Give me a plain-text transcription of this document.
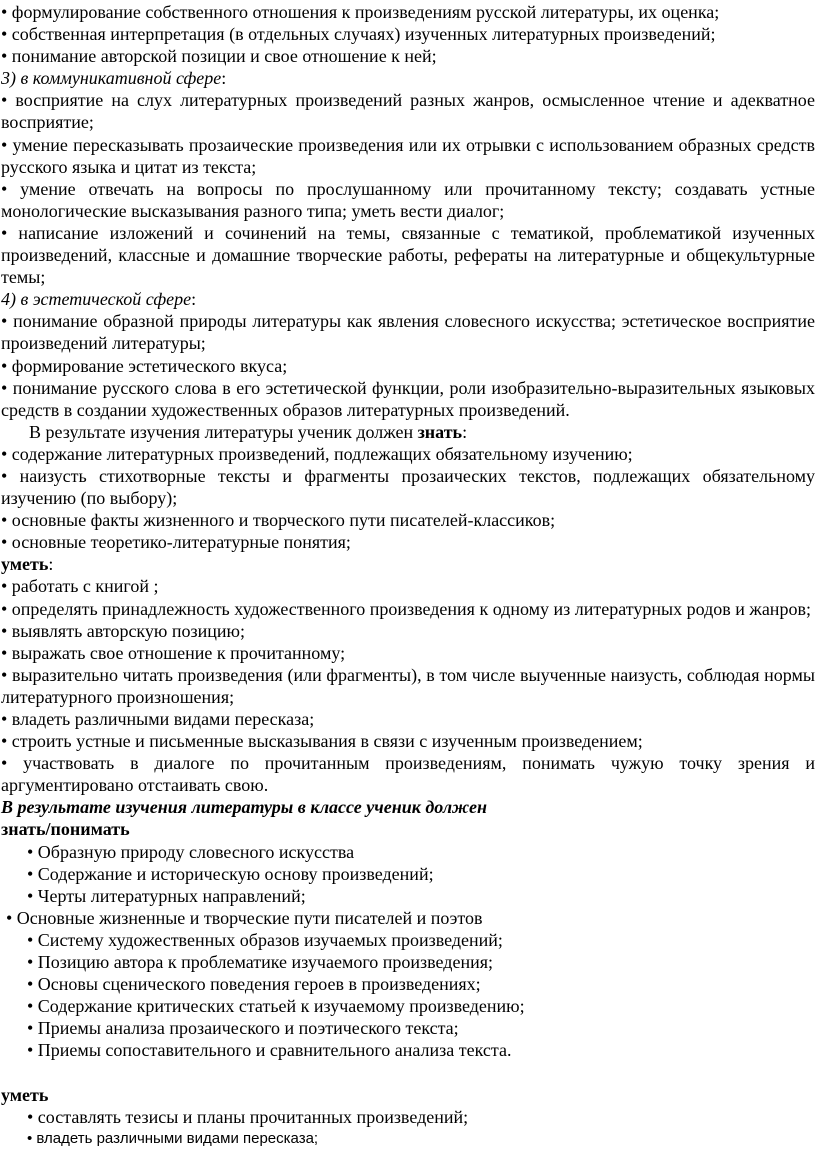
• формулирование собственного отношения к произведениям русской литературы, их оценка;

• собственная интерпретация (в отдельных случаях) изученных литературных произведений;

• понимание авторской позиции и свое отношение к ней;

3) в коммуникативной сфере:

• восприятие на слух литературных произведений разных жанров, осмысленное чтение и адекватное восприятие;

• умение пересказывать прозаические произведения или их отрывки с использованием образных средств русского языка и цитат из текста;

• умение отвечать на вопросы по прослушанному или прочитанному тексту; создавать устные монологические высказывания разного типа; уметь вести диалог;

• написание изложений и сочинений на темы, связанные с тематикой, проблематикой изученных произведений, классные и домашние творческие работы, рефераты на литературные и общекультурные темы;

4) в эстетической сфере:

• понимание образной природы литературы как явления словесного искусства; эстетическое восприятие произведений литературы;

• формирование эстетического вкуса;

• понимание русского слова в его эстетической функции, роли изобразительно-выразительных языковых средств в создании художественных образов литературных произведений.

В результате изучения литературы ученик должен знать:

• содержание литературных произведений, подлежащих обязательному изучению;

• наизусть стихотворные тексты и фрагменты прозаических текстов, подлежащих обязательному изучению (по выбору);

• основные факты жизненного и творческого пути писателей-классиков;

• основные теоретико-литературные понятия;

уметь:

• работать с книгой ;

• определять принадлежность художественного произведения к одному из литературных родов и жанров;

• выявлять авторскую позицию;

• выражать свое отношение к прочитанному;

• выразительно читать произведения (или фрагменты), в том числе выученные наизусть, соблюдая нормы литературного произношения;

• владеть различными видами пересказа;

• строить устные и письменные высказывания в связи с изученным произведением;

• участвовать в диалоге по прочитанным произведениям, понимать чужую точку зрения и аргументировано отстаивать свою.

В результате изучения литературы в классе ученик должен

знать/понимать

• Образную природу словесного искусства

• Содержание и историческую основу произведений;

• Черты литературных направлений;

• Основные жизненные и творческие пути писателей и поэтов

• Систему художественных образов изучаемых произведений;

• Позицию автора к проблематике изучаемого произведения;

• Основы сценического поведения героев в произведениях;

• Содержание критических статьей к изучаемому произведению;

• Приемы анализа прозаического и поэтического текста;

• Приемы сопоставительного и сравнительного анализа текста.

уметь

• составлять тезисы и планы прочитанных произведений;

• владеть различными видами пересказа;
